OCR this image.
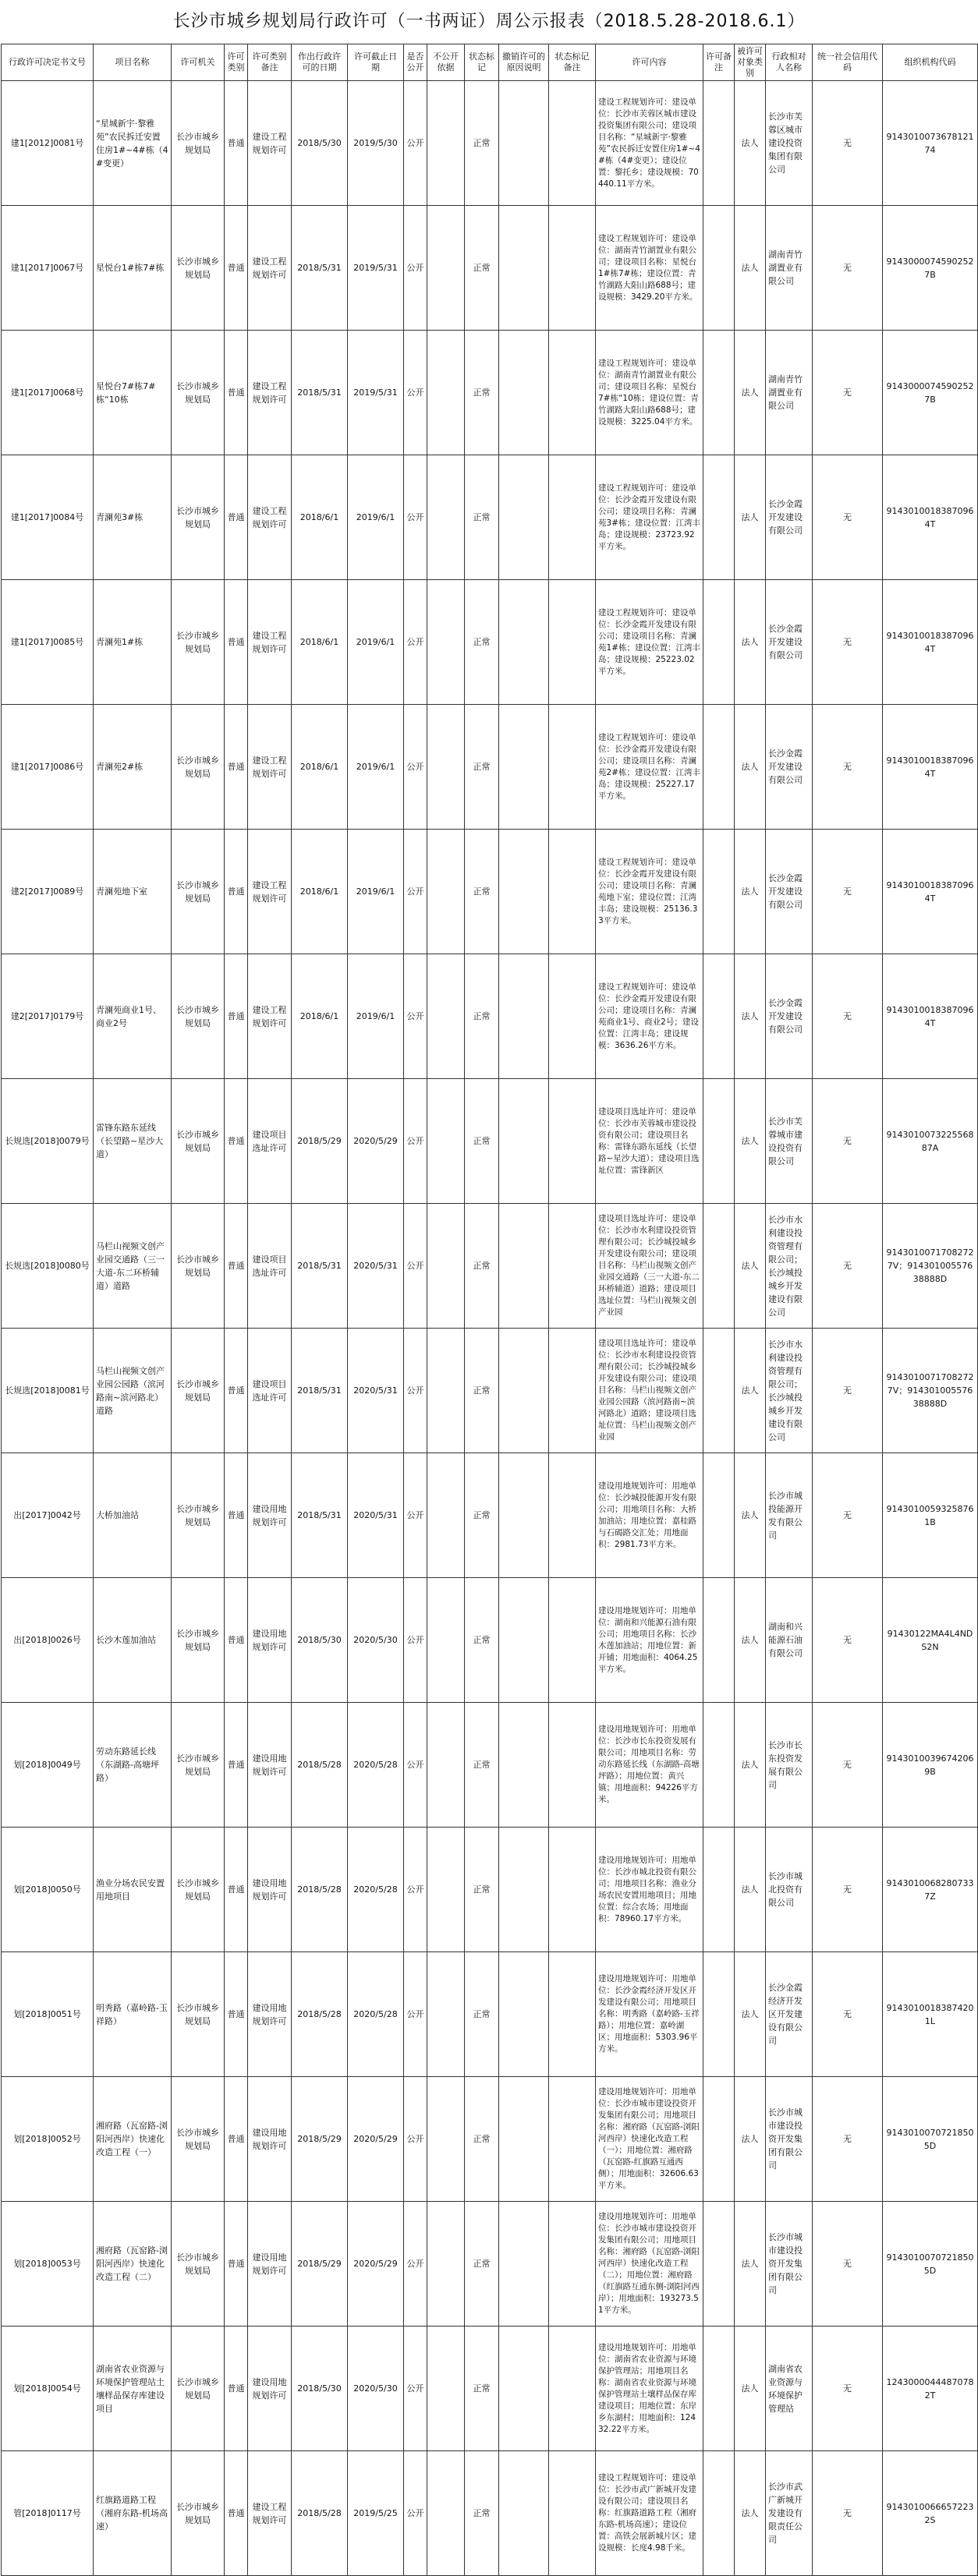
长沙市城乡规划局行政许可（一书两证）周公示报表（2018.5.28-2018.6.1）
行政许可决定书文号	项目名称	许可机关	许可类别	许可类别备注	作出行政许可的日期	许可截止日期	是否公开	不公开依据	状态标记	撤销许可的原因说明	状态标记备注	许可内容	许可备注	被许可对象类别	行政相对人名称	统一社会信用代码	组织机构代码
建1[2012]0081号	“星城新宇·黎雅苑”农民拆迁安置住房1#~4#栋（4#变更）	长沙市城乡规划局	普通	建设工程规划许可	2018/5/30	2019/5/30	公开		正常			建设工程规划许可：建设单位：长沙市芙蓉区城市建设投资集团有限公司；建设项目名称：“星城新宇·黎雅苑”农民拆迁安置住房1#~4#栋（4#变更）；建设位置：黎托乡；建设规模：70440.11平方米。		法人	长沙市芙蓉区城市建设投资集团有限公司	无	91430100736781217​4
建1[2017]0067号	星悦台1#栋7#栋	长沙市城乡规划局	普通	建设工程规划许可	2018/5/31	2019/5/31	公开		正常			建设工程规划许可：建设单位：湖南青竹湖置业有限公司；建设项目名称：星悦台1#栋7#栋；建设位置：青竹湖路大阳山路688号；建设规模：3429.20平方米。		法人	湖南青竹湖置业有限公司	无	914300007459025​27B
建1[2017]0068号	星悦台7#栋7#栋“10栋	长沙市城乡规划局	普通	建设工程规划许可	2018/5/31	2019/5/31	公开		正常			建设工程规划许可：建设单位：湖南青竹湖置业有限公司；建设项目名称：星悦台7#栋“10栋；建设位置：青竹湖路大阳山路688号；建设规模：3225.04平方米。		法人	湖南青竹湖置业有限公司	无	914300007459025​27B
建1[2017]0084号	青澜苑3#栋	长沙市城乡规划局	普通	建设工程规划许可	2018/6/1	2019/6/1	公开		正常			建设工程规划许可：建设单位：长沙金霞开发建设有限公司；建设项目名称：青澜苑3#栋；建设位置：江湾丰岛；建设规模：23723.92平方米。		法人	长沙金霞开发建设有限公司	无	914301001838709​64T
建1[2017]0085号	青澜苑1#栋	长沙市城乡规划局	普通	建设工程规划许可	2018/6/1	2019/6/1	公开		正常			建设工程规划许可：建设单位：长沙金霞开发建设有限公司；建设项目名称：青澜苑1#栋；建设位置：江湾丰岛；建设规模：25223.02平方米。		法人	长沙金霞开发建设有限公司	无	914301001838709​64T
建1[2017]0086号	青澜苑2#栋	长沙市城乡规划局	普通	建设工程规划许可	2018/6/1	2019/6/1	公开		正常			建设工程规划许可：建设单位：长沙金霞开发建设有限公司；建设项目名称：青澜苑2#栋；建设位置：江湾丰岛；建设规模：25227.17平方米。		法人	长沙金霞开发建设有限公司	无	914301001838709​64T
建2[2017]0089号	青澜苑地下室	长沙市城乡规划局	普通	建设工程规划许可	2018/6/1	2019/6/1	公开		正常			建设工程规划许可：建设单位：长沙金霞开发建设有限公司；建设项目名称：青澜苑地下室；建设位置：江湾丰岛；建设规模：25136.33平方米。		法人	长沙金霞开发建设有限公司	无	914301001838709​64T
建2[2017]0179号	青澜苑商业1号、商业2号	长沙市城乡规划局	普通	建设工程规划许可	2018/6/1	2019/6/1	公开		正常			建设工程规划许可：建设单位：长沙金霞开发建设有限公司；建设项目名称：青澜苑商业1号、商业2号；建设位置：江湾丰岛；建设规模：3636.26平方米。		法人	长沙金霞开发建设有限公司	无	914301001838709​64T
长规选[2018]0079号	雷锋东路东延线（长望路~星沙大道）	长沙市城乡规划局	普通	建设项目选址许可	2018/5/29	2020/5/29	公开		正常			建设项目选址许可：建设单位：长沙市芙蓉城市建设投资有限公司；建设项目名称：雷锋东路东延线（长望路~星沙大道）；建设项目选址位置：雷锋新区		法人	长沙市芙蓉城市建设投资有限公司	无	914301007322556​887A
长规选[2018]0080号	马栏山视频文创产业园交通路（三一大道-东二环桥辅道）道路	长沙市城乡规划局	普通	建设项目选址许可	2018/5/31	2020/5/31	公开		正常			建设项目选址许可：建设单位：长沙市水利建设投资管理有限公司；长沙城投城乡开发建设有限公司；建设项目名称：马栏山视频文创产业园交通路（三一大道-东二环桥辅道）道路；建设项目选址位置：马栏山视频文创产业园		法人	长沙市水利建设投资管理有限公司；长沙城投城乡开发建设有限公司	无	91430100717082727V；91430100557638888D
长规选[2018]0081号	马栏山视频文创产业园公园路（滨河路南~滨河路北）道路	长沙市城乡规划局	普通	建设项目选址许可	2018/5/31	2020/5/31	公开		正常			建设项目选址许可：建设单位：长沙市水利建设投资管理有限公司；长沙城投城乡开发建设有限公司；建设项目名称：马栏山视频文创产业园公园路（滨河路南~滨河路北）道路；建设项目选址位置：马栏山视频文创产业园		法人	长沙市水利建设投资管理有限公司；长沙城投城乡开发建设有限公司	无	91430100717082727V；91430100557638888D
出[2017]0042号	大桥加油站	长沙市城乡规划局	普通	建设用地规划许可	2018/5/31	2020/5/31	公开		正常			建设用地规划许可：用地单位：长沙城投能源开发有限公司；用地项目名称：大桥加油站；用地位置：嘉桂路与石碣路交汇处；用地面积：2981.73平方米。		法人	长沙市城投能源开发有限公司	无	914301005932587​61B
出[2018]0026号	长沙木莲加油站	长沙市城乡规划局	普通	建设用地规划许可	2018/5/30	2020/5/30	公开		正常			建设用地规划许可：用地单位：湖南和兴能源石油有限公司；用地项目名称：长沙木莲加油站；用地位置：新开铺；用地面积：4064.25平方米。		法人	湖南和兴能源石油有限公司	无	91430122MA4L4NDS2N
划[2018]0049号	劳动东路延长线（东湖路-高塘坪路）	长沙市城乡规划局	普通	建设用地规划许可	2018/5/28	2020/5/28	公开		正常			建设用地规划许可：用地单位：长沙市长东投资发展有限公司；用地项目名称：劳动东路延长线（东湖路-高塘坪路）；用地位置：黄兴镇；用地面积：94226平方米。		法人	长沙市长东投资发展有限公司	无	914301003967420​69B
划[2018]0050号	渔业分场农民安置用地项目	长沙市城乡规划局	普通	建设用地规划许可	2018/5/28	2020/5/28	公开		正常			建设用地规划许可：用地单位：长沙市城北投资有限公司；用地项目名称：渔业分场农民安置用地项目；用地位置：综合农场；用地面积：78960.17平方米。		法人	长沙市城北投资有限公司	无	914301006828073​37Z
划[2018]0051号	明秀路（嘉岭路-玉祥路）	长沙市城乡规划局	普通	建设用地规划许可	2018/5/28	2020/5/28	公开		正常			建设用地规划许可：用地单位：长沙金霞经济开发区开发建设有限公司；用地项目名称：明秀路（嘉岭路-玉祥路）；用地位置：嘉岭湖区；用地面积：5303.96平方米。		法人	长沙金霞经济开发区开发建设有限公司	无	914301001838742​01L
划[2018]0052号	湘府路（瓦窑路-浏阳河西岸）快速化改造工程（一）	长沙市城乡规划局	普通	建设用地规划许可	2018/5/29	2020/5/29	公开		正常			建设用地规划许可：用地单位：长沙市城市建设投资开发集团有限公司；用地项目名称：湘府路（瓦窑路-浏阳河西岸）快速化改造工程（一）；用地位置：湘府路（瓦窑路-红旗路互通西侧）；用地面积：32606.63平方米。		法人	长沙市城市建设投资开发集团有限公司	无	914301007072185​05D
划[2018]0053号	湘府路（瓦窑路-浏阳河西岸）快速化改造工程（二）	长沙市城乡规划局	普通	建设用地规划许可	2018/5/29	2020/5/29	公开		正常			建设用地规划许可：用地单位：长沙市城市建设投资开发集团有限公司；用地项目名称：湘府路（瓦窑路-浏阳河西岸）快速化改造工程（二）；用地位置：湘府路（红旗路互通东侧-浏阳河西岸）；用地面积：193273.51平方米。		法人	长沙市城市建设投资开发集团有限公司	无	914301007072185​05D
划[2018]0054号	湖南省农业资源与环境保护管理站土壤样品保存库建设项目	长沙市城乡规划局	普通	建设用地规划许可	2018/5/30	2020/5/30	公开		正常			建设用地规划许可：用地单位：湖南省农业资源与环境保护管理站；用地项目名称：湖南省农业资源与环境保护管理站土壤样品保存库建设项目；用地位置：东岸乡东湖村；用地面积：12432.22平方米。		法人	湖南省农业资源与环境保护管理站	无	124300004448707​82T
管[2018]0117号	红旗路道路工程（湘府东路-机场高速）	长沙市城乡规划局	普通	建设工程规划许可	2018/5/28	2019/5/25	公开		正常			建设工程规划许可：建设单位：长沙市武广新城开发建设有限公司；建设项目名称：红旗路道路工程（湘府东路-机场高速）；建设位置：高铁会展新城片区；建设规模：长度4.98千米。		法人	长沙市武广新城开发建设有限责任公司	无	914301006665722​32S
